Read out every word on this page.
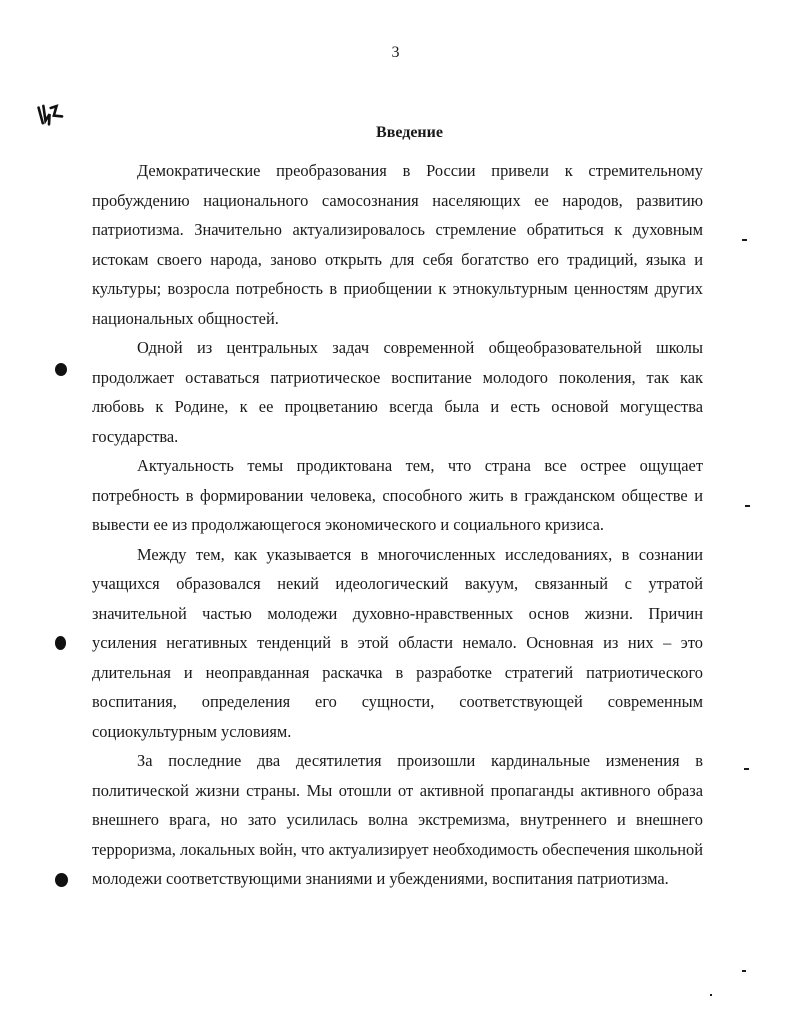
3
Введение

Демократические преобразования в России привели к стремительному пробуждению национального самосознания населяющих ее народов, развитию патриотизма. Значительно актуализировалось стремление обратиться к духовным истокам своего народа, заново открыть для себя богатство его традиций, языка и культуры; возросла потребность в приобщении к этнокультурным ценностям других национальных общностей.

Одной из центральных задач современной общеобразовательной школы продолжает оставаться патриотическое воспитание молодого поколения, так как любовь к Родине, к ее процветанию всегда была и есть основой могущества государства.

Актуальность темы продиктована тем, что страна все острее ощущает потребность в формировании человека, способного жить в гражданском обществе и вывести ее из продолжающегося экономического и социального кризиса.

Между тем, как указывается в многочисленных исследованиях, в сознании учащихся образовался некий идеологический вакуум, связанный с утратой значительной частью молодежи духовно-нравственных основ жизни. Причин усиления негативных тенденций в этой области немало. Основная из них – это длительная и неоправданная раскачка в разработке стратегий патриотического воспитания, определения его сущности, соответствующей современным социокультурным условиям.

За последние два десятилетия произошли кардинальные изменения в политической жизни страны. Мы отошли от активной пропаганды активного образа внешнего врага, но зато усилилась волна экстремизма, внутреннего и внешнего терроризма, локальных войн, что актуализирует необходимость обеспечения школьной молодежи соответствующими знаниями и убеждениями, воспитания патриотизма.
